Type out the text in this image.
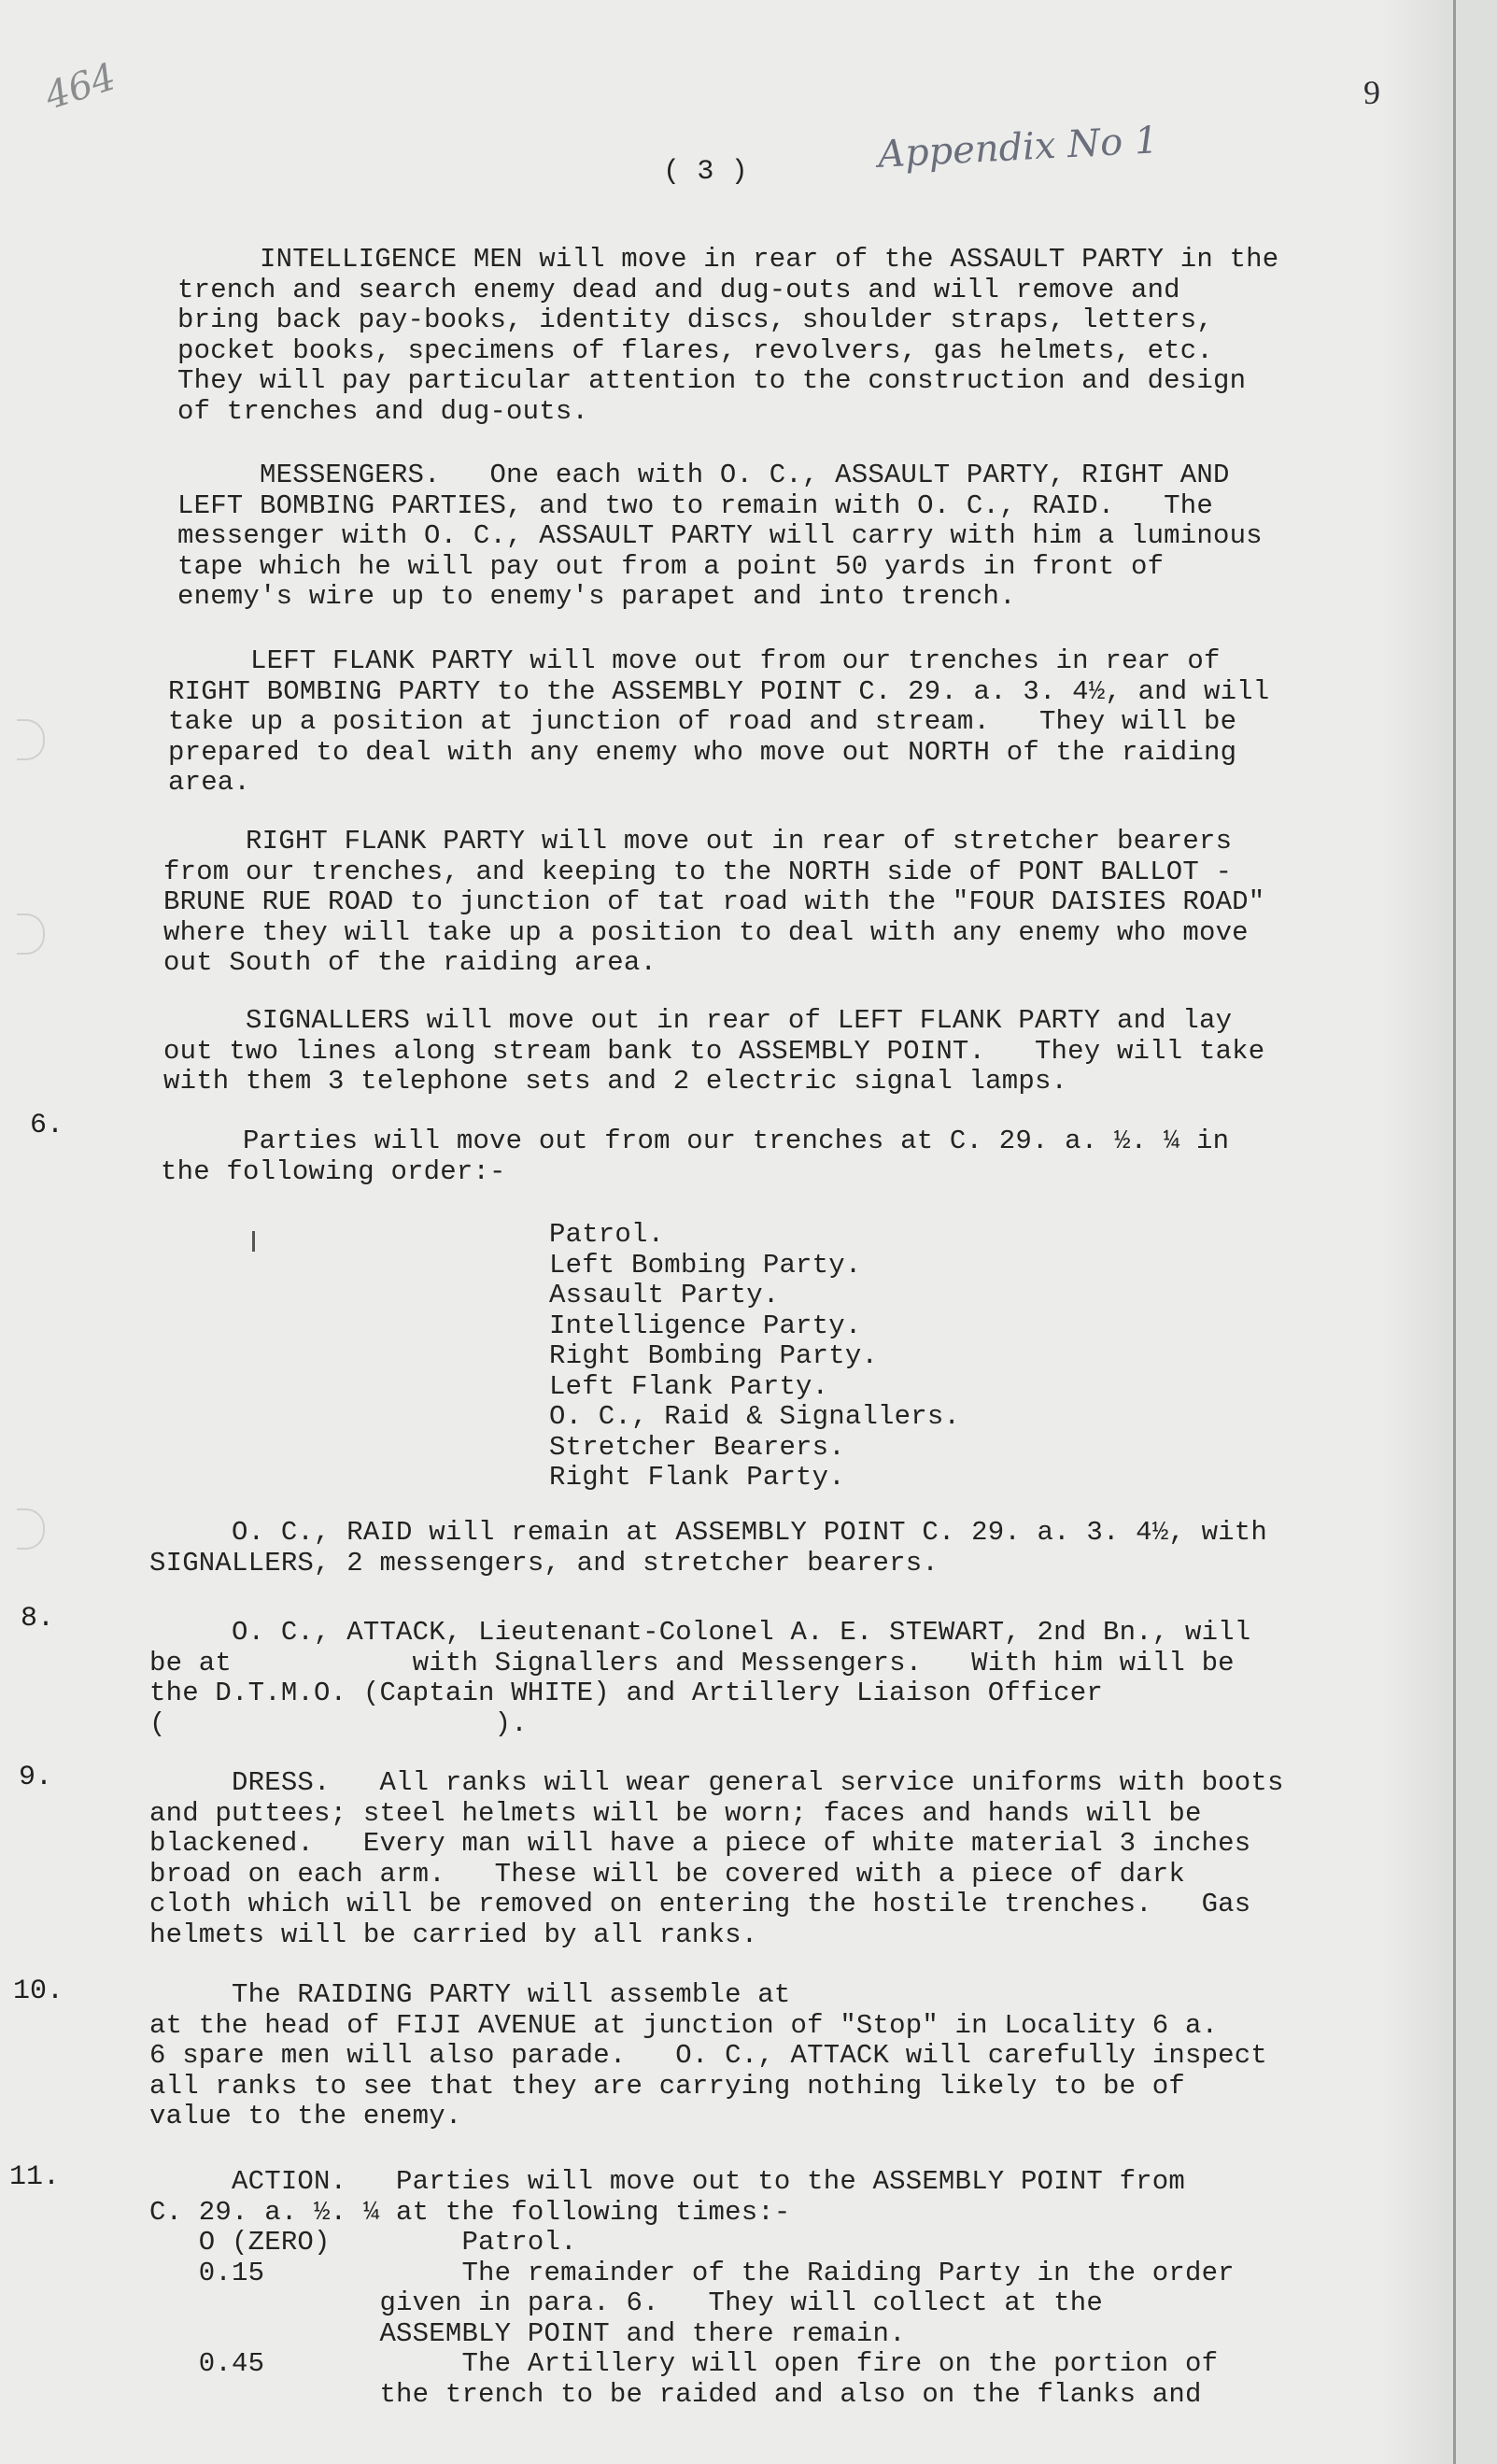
464	9
( 3 )	Appendix No 1

INTELLIGENCE MEN will move in rear of the ASSAULT PARTY in the
trench and search enemy dead and dug-outs and will remove and
bring back pay-books, identity discs, shoulder straps, letters,
pocket books, specimens of flares, revolvers, gas helmets, etc.
They will pay particular attention to the construction and design
of trenches and dug-outs.

MESSENGERS.   One each with O. C., ASSAULT PARTY, RIGHT AND
LEFT BOMBING PARTIES, and two to remain with O. C., RAID.   The
messenger with O. C., ASSAULT PARTY will carry with him a luminous
tape which he will pay out from a point 50 yards in front of
enemy's wire up to enemy's parapet and into trench.

LEFT FLANK PARTY will move out from our trenches in rear of
RIGHT BOMBING PARTY to the ASSEMBLY POINT C. 29. a. 3. 4½, and will
take up a position at junction of road and stream.   They will be
prepared to deal with any enemy who move out NORTH of the raiding
area.

RIGHT FLANK PARTY will move out in rear of stretcher bearers
from our trenches, and keeping to the NORTH side of PONT BALLOT -
BRUNE RUE ROAD to junction of tat road with the "FOUR DAISIES ROAD"
where they will take up a position to deal with any enemy who move
out South of the raiding area.

SIGNALLERS will move out in rear of LEFT FLANK PARTY and lay
out two lines along stream bank to ASSEMBLY POINT.   They will take
with them 3 telephone sets and 2 electric signal lamps.

6.	Parties will move out from our trenches at C. 29. a. ½. ¼ in
the following order:-

Patrol.
Left Bombing Party.
Assault Party.
Intelligence Party.
Right Bombing Party.
Left Flank Party.
O. C., Raid & Signallers.
Stretcher Bearers.
Right Flank Party.

O. C., RAID will remain at ASSEMBLY POINT C. 29. a. 3. 4½, with
SIGNALLERS, 2 messengers, and stretcher bearers.

8.	O. C., ATTACK, Lieutenant-Colonel A. E. STEWART, 2nd Bn., will
be at           with Signallers and Messengers.   With him will be
the D.T.M.O. (Captain WHITE) and Artillery Liaison Officer
(                    ).

9.	DRESS.   All ranks will wear general service uniforms with boots
and puttees; steel helmets will be worn; faces and hands will be
blackened.   Every man will have a piece of white material 3 inches
broad on each arm.   These will be covered with a piece of dark
cloth which will be removed on entering the hostile trenches.   Gas
helmets will be carried by all ranks.

10.	The RAIDING PARTY will assemble at
at the head of FIJI AVENUE at junction of "Stop" in Locality 6 a.
6 spare men will also parade.   O. C., ATTACK will carefully inspect
all ranks to see that they are carrying nothing likely to be of
value to the enemy.

11.	ACTION.   Parties will move out to the ASSEMBLY POINT from
C. 29. a. ½. ¼ at the following times:-
O (ZERO)        Patrol.
0.15            The remainder of the Raiding Party in the order
given in para. 6.   They will collect at the
ASSEMBLY POINT and there remain.
0.45            The Artillery will open fire on the portion of
the trench to be raided and also on the flanks and
